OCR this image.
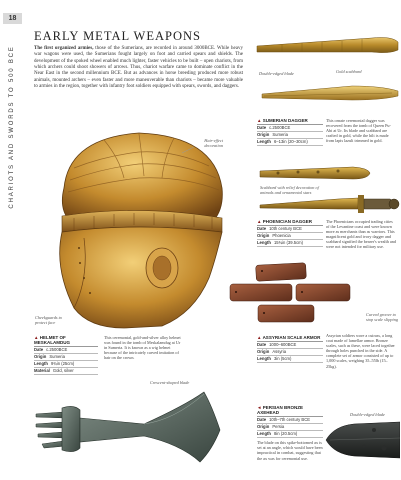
18
CHARIOTS AND SWORDS TO 500 BCE
EARLY METAL WEAPONS
The first organized armies, those of the Sumerians, are recorded in around 3000BCE. While heavy war wagons were used, the Sumerians fought largely on foot and carried spears and shields. The development of the spoked wheel enabled much lighter, faster vehicles to be built – open chariots, from which archers could shoot showers of arrows. Thus, chariot warfare came to dominate conflict in the Near East in the second millennium BCE. But as advances in horse breeding produced more robust animals, mounted archers – even faster and more maneuverable than chariots – became more valuable to armies in the region, together with infantry foot soldiers equipped with spears, swords, and daggers.
Double-edged blade	Gold scabbard
▲ SUMERIAN DAGGER
Date c.2500BCE
Origin Sumeria
Length 6–13in (20–30cm)
This ornate ceremonial dagger was recovered from the tomb of Queen Pu-Abi at Ur. Its blade and scabbard are crafted in gold, while the hilt is made from lapis lazuli trimmed in gold.
Hair-effect decoration
Cheekguards to protect face
Scabbard with relief decoration of animals and ornamental stars
▲ PHOENICIAN DAGGER
Date 10th century BCE
Origin Phoenicia
Length 15¾in (39.5cm)
The Phoenicians occupied trading cities of the Levantine coast and were known more as merchants than as warriors. This magnificent gold and ivory dagger and scabbard signified the bearer's wealth and were not intended for military use.
Curved groove to stop scale slipping
▲ HELMET OF MESKALAMDUG
Date c.2500BCE
Origin Sumeria
Length 9¾in (25cm)
Material Gold, silver
This ceremonial, gold-and-silver alloy helmet was found in the tomb of Meskalamdug at Ur in Sumeria. It is known as a wig helmet because of the intricately carved imitation of hair on the crown.
▲ ASSYRIAN SCALE ARMOR
Date 1000–600BCE
Origin Assyria
Length 3in (5cm)
Assyrian soldiers wore a cuirass, a long coat made of lamellae armor. Bronze scales, such as these, were laced together through holes punched in the side. A complete set of armor consisted of up to 1,000 scales, weighing 35–55lb (15–25kg).
Crescent-shaped blade
◄ PERSIAN BRONZE AXEHEAD
Date 10th–7th century BCE
Origin Persia
Length 8in (20.5cm)
The blade on this spike-bottomed ax is set at an angle, which would have been impractical in combat, suggesting that the ax was for ceremonial use.
Double-edged blade
